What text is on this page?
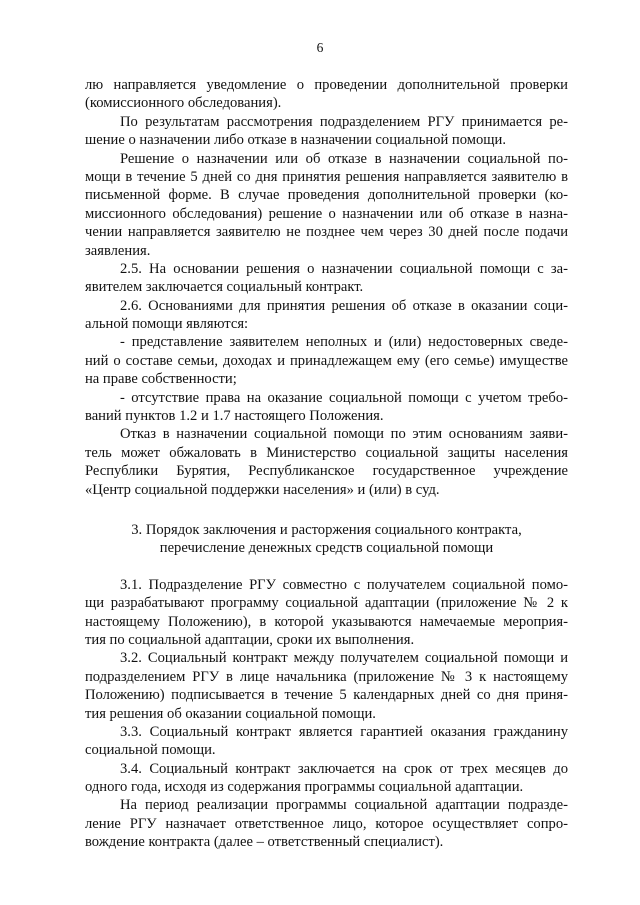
6
лю направляется уведомление о проведении дополнительной проверки
(комиссионного обследования).
По результатам рассмотрения подразделением РГУ принимается ре-
шение о назначении либо отказе в назначении социальной помощи.
Решение о назначении или об отказе в назначении социальной по-
мощи в течение 5 дней со дня принятия решения направляется заявителю в
письменной форме. В случае проведения дополнительной проверки (ко-
миссионного обследования) решение о назначении или об отказе в назна-
чении направляется заявителю не позднее чем через 30 дней после подачи
заявления.
2.5. На основании решения о назначении социальной помощи с за-
явителем заключается социальный контракт.
2.6. Основаниями для принятия решения об отказе в оказании соци-
альной помощи являются:
- представление заявителем неполных и (или) недостоверных сведе-
ний о составе семьи, доходах и принадлежащем ему (его семье) имуществе
на праве собственности;
- отсутствие права на оказание социальной помощи с учетом требо-
ваний пунктов 1.2 и 1.7 настоящего Положения.
Отказ в назначении социальной помощи по этим основаниям заяви-
тель может обжаловать в Министерство социальной защиты населения
Республики Бурятия, Республиканское государственное учреждение
«Центр социальной поддержки населения» и (или) в суд.
3. Порядок заключения и расторжения социального контракта,
перечисление денежных средств социальной помощи
3.1. Подразделение РГУ совместно с получателем социальной помо-
щи разрабатывают программу социальной адаптации (приложение № 2 к
настоящему Положению), в которой указываются намечаемые мероприя-
тия по социальной адаптации, сроки их выполнения.
3.2. Социальный контракт между получателем социальной помощи и
подразделением РГУ в лице начальника (приложение № 3 к настоящему
Положению) подписывается в течение 5 календарных дней со дня приня-
тия решения об оказании социальной помощи.
3.3. Социальный контракт является гарантией оказания гражданину
социальной помощи.
3.4. Социальный контракт заключается на срок от трех месяцев до
одного года, исходя из содержания программы социальной адаптации.
На период реализации программы социальной адаптации подразде-
ление РГУ назначает ответственное лицо, которое осуществляет сопро-
вождение контракта (далее – ответственный специалист).
